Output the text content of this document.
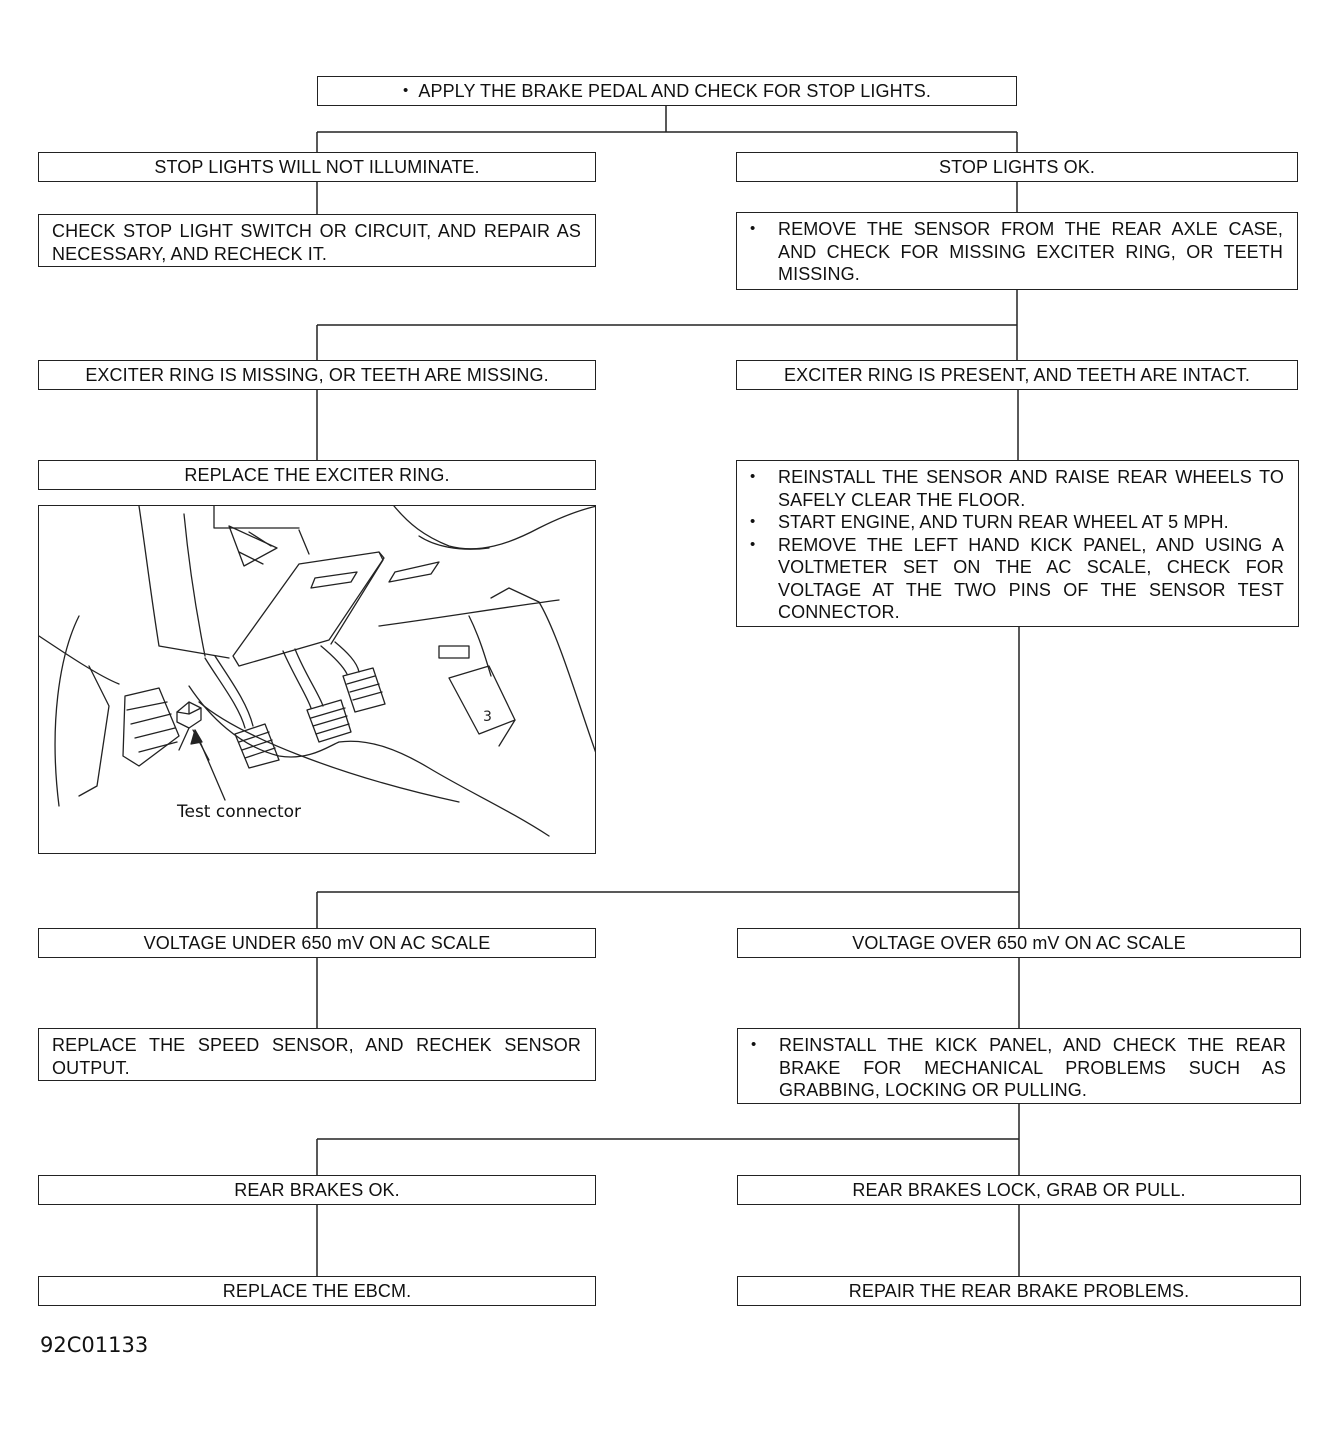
• APPLY THE BRAKE PEDAL AND CHECK FOR STOP LIGHTS.
STOP LIGHTS WILL NOT ILLUMINATE.
CHECK STOP LIGHT SWITCH OR CIRCUIT, AND REPAIR AS NECESSARY, AND RECHECK IT.
STOP LIGHTS OK.
•	REMOVE THE SENSOR FROM THE REAR AXLE CASE, AND CHECK FOR MISSING EXCITER RING, OR TEETH MISSING.
EXCITER RING IS MISSING, OR TEETH ARE MISSING.	EXCITER RING IS PRESENT, AND TEETH ARE INTACT.
REPLACE THE EXCITER RING.	•	REINSTALL THE SENSOR AND RAISE REAR WHEELS TO SAFELY CLEAR THE FLOOR.
•	START ENGINE, AND TURN REAR WHEEL AT 5 MPH.
•	REMOVE THE LEFT HAND KICK PANEL, AND USING A VOLTMETER SET ON THE AC SCALE, CHECK FOR VOLTAGE AT THE TWO PINS OF THE SENSOR TEST CONNECTOR.
3
Test connector
VOLTAGE UNDER 650 mV ON AC SCALE	VOLTAGE OVER 650 mV ON AC SCALE
REPLACE THE SPEED SENSOR, AND RECHEK SENSOR OUTPUT.
•	REINSTALL THE KICK PANEL, AND CHECK THE REAR BRAKE FOR MECHANICAL PROBLEMS SUCH AS GRABBING, LOCKING OR PULLING.
REAR BRAKES OK.	REAR BRAKES LOCK, GRAB OR PULL.
REPLACE THE EBCM.	REPAIR THE REAR BRAKE PROBLEMS.
92C01133
